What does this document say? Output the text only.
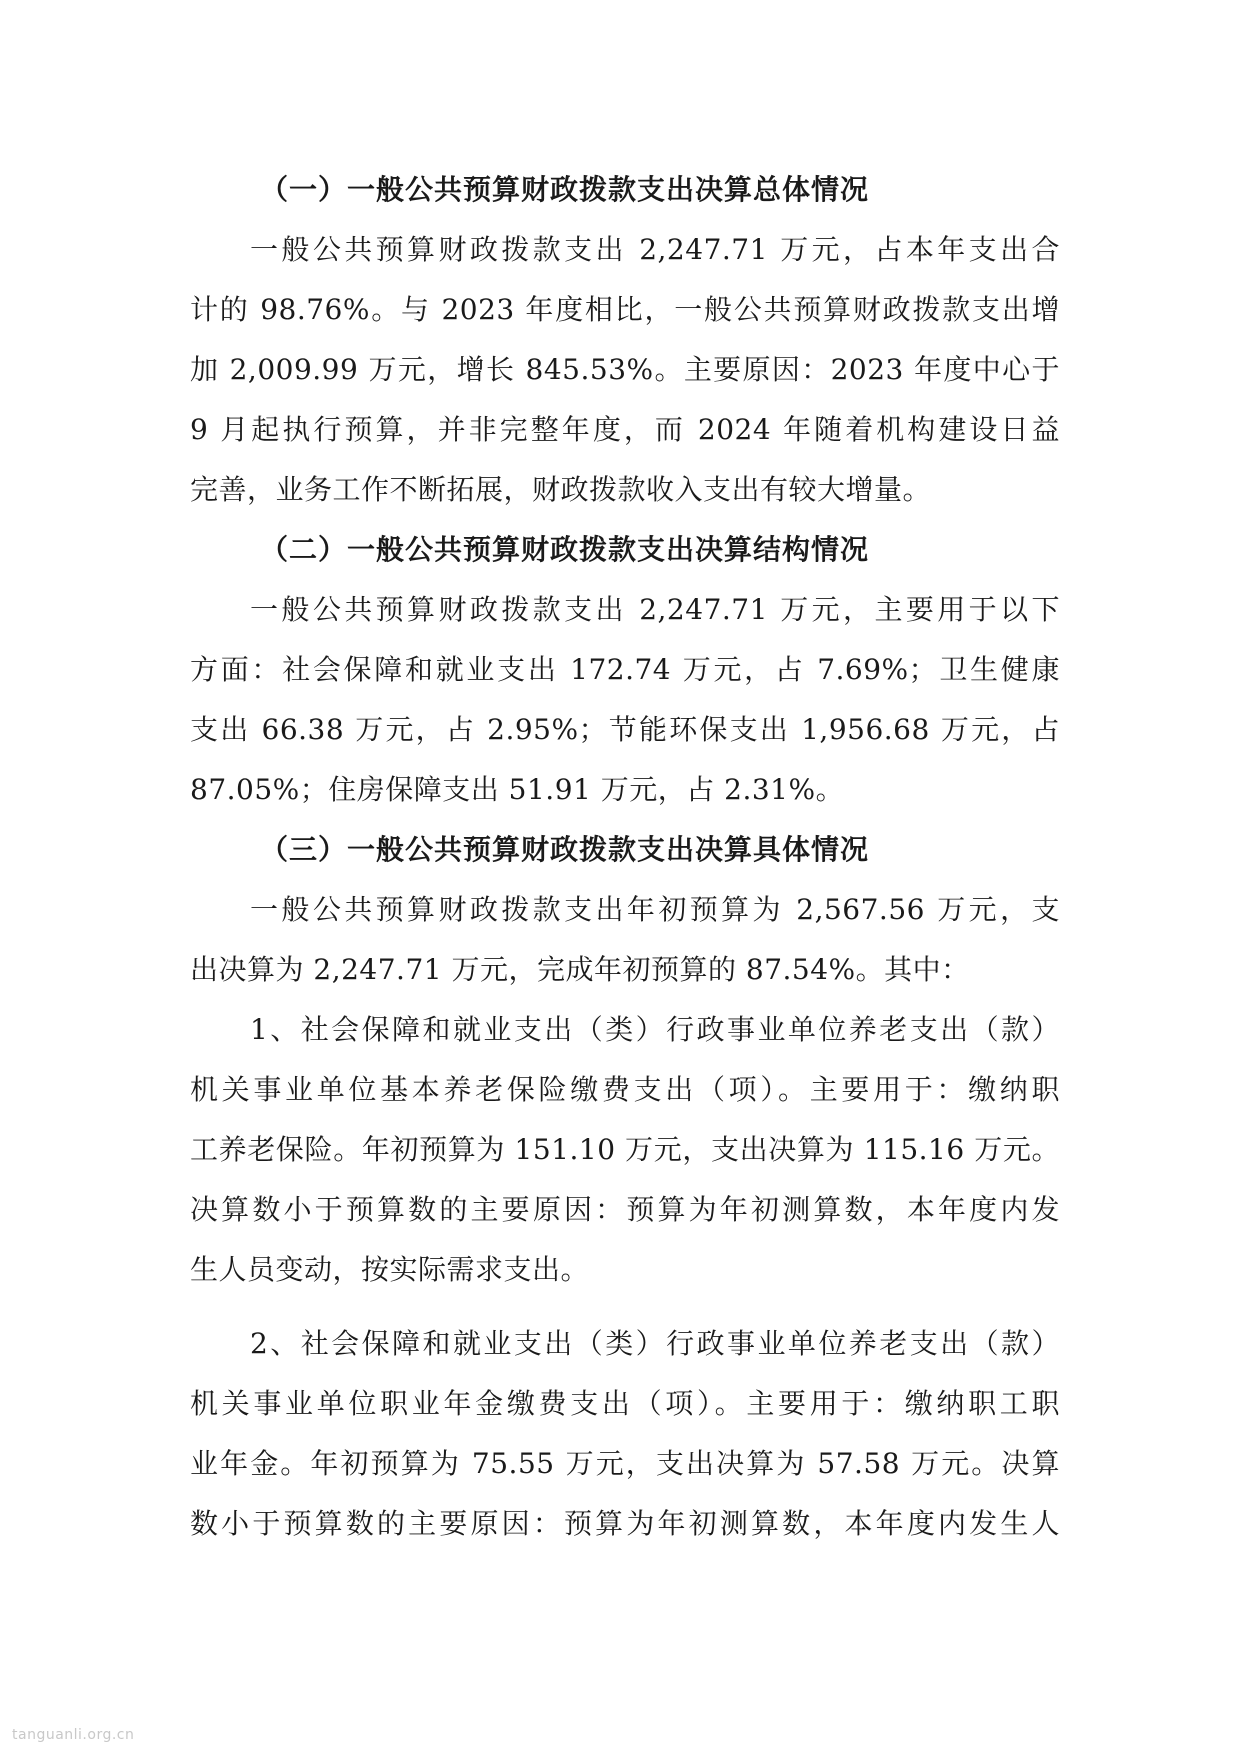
（一）一般公共预算财政拨款支出决算总体情况
一般公共预算财政拨款支出 2,247.71 万元，占本年支出合
计的 98.76%。与 2023 年度相比，一般公共预算财政拨款支出增
加 2,009.99 万元，增长 845.53%。主要原因：2023 年度中心于
9 月起执行预算，并非完整年度，而 2024 年随着机构建设日益
完善，业务工作不断拓展，财政拨款收入支出有较大增量。
（二）一般公共预算财政拨款支出决算结构情况
一般公共预算财政拨款支出 2,247.71 万元，主要用于以下
方面：社会保障和就业支出 172.74 万元，占 7.69%；卫生健康
支出 66.38 万元，占 2.95%；节能环保支出 1,956.68 万元，占
87.05%；住房保障支出 51.91 万元，占 2.31%。
（三）一般公共预算财政拨款支出决算具体情况
一般公共预算财政拨款支出年初预算为 2,567.56 万元，支
出决算为 2,247.71 万元，完成年初预算的 87.54%。其中：
1、社会保障和就业支出（类）行政事业单位养老支出（款）
机关事业单位基本养老保险缴费支出（项）。主要用于：缴纳职
工养老保险。年初预算为 151.10 万元，支出决算为 115.16 万元。
决算数小于预算数的主要原因：预算为年初测算数，本年度内发
生人员变动，按实际需求支出。
2、社会保障和就业支出（类）行政事业单位养老支出（款）
机关事业单位职业年金缴费支出（项）。主要用于：缴纳职工职
业年金。年初预算为 75.55 万元，支出决算为 57.58 万元。决算
数小于预算数的主要原因：预算为年初测算数，本年度内发生人
tanguanli.org.cn
